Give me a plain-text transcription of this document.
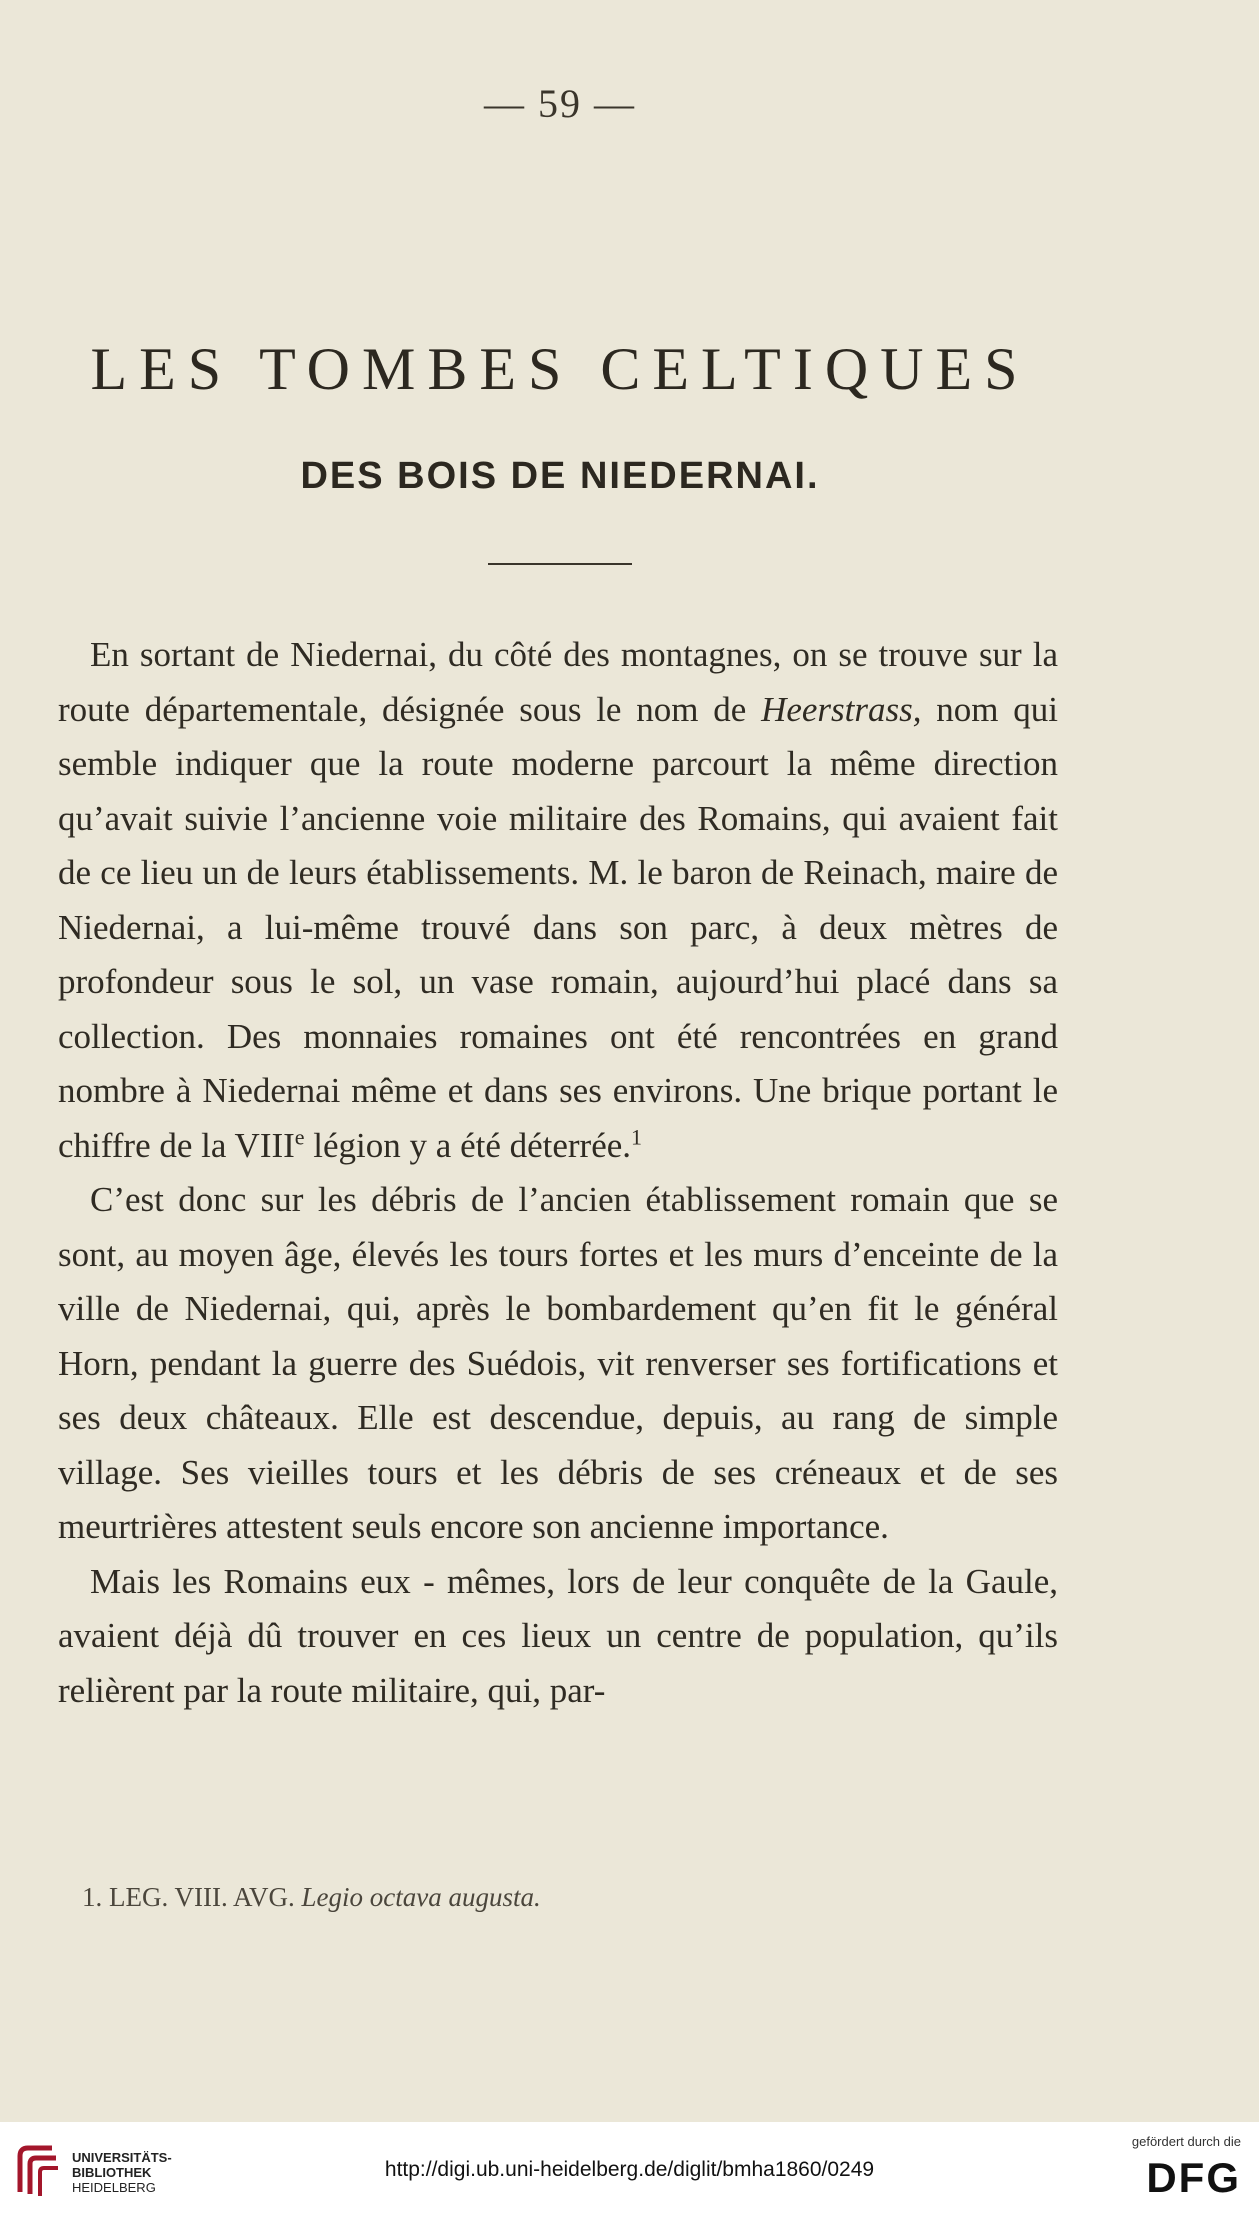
— 59 —
LES TOMBES CELTIQUES
DES BOIS DE NIEDERNAI.

En sortant de Niedernai, du côté des montagnes, on se trouve sur la route départementale, désignée sous le nom de Heerstrass, nom qui semble indiquer que la route moderne parcourt la même direction qu’avait suivie l’ancienne voie militaire des Romains, qui avaient fait de ce lieu un de leurs établissements. M. le baron de Reinach, maire de Niedernai, a lui-même trouvé dans son parc, à deux mètres de profondeur sous le sol, un vase romain, aujourd’hui placé dans sa collection. Des monnaies romaines ont été rencontrées en grand nombre à Niedernai même et dans ses environs. Une brique portant le chiffre de la VIIIe légion y a été déterrée.$^1$

C’est donc sur les débris de l’ancien établissement romain que se sont, au moyen âge, élevés les tours fortes et les murs d’enceinte de la ville de Niedernai, qui, après le bombardement qu’en fit le général Horn, pendant la guerre des Suédois, vit renverser ses fortifications et ses deux châteaux. Elle est descendue, depuis, au rang de simple village. Ses vieilles tours et les débris de ses créneaux et de ses meurtrières attestent seuls encore son ancienne importance.

Mais les Romains eux - mêmes, lors de leur conquête de la Gaule, avaient déjà dû trouver en ces lieux un centre de population, qu’ils relièrent par la route militaire, qui, par-

1. LEG. VIII. AVG. Legio octava augusta.
UNIVERSITÄTS-
BIBLIOTHEK
HEIDELBERG
http://digi.ub.uni-heidelberg.de/diglit/bmha1860/0249
gefördert durch die
DFG
